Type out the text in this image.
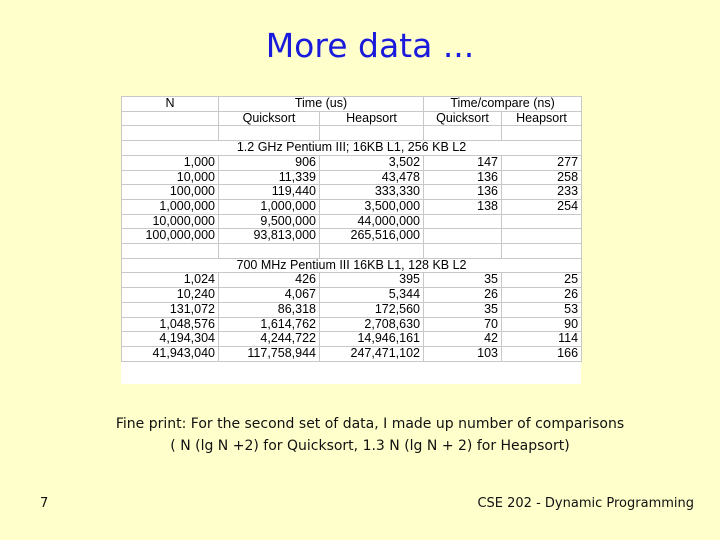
More data ...
N	Time (us)		Time/compare (ns)	
	Quicksort	Heapsort	Quicksort	Heapsort

1.2 GHz Pentium III; 16KB L1, 256 KB L2				
1,000	906	3,502	147	277
10,000	11,339	43,478	136	258
100,000	119,440	333,330	136	233
1,000,000	1,000,000	3,500,000	138	254
10,000,000	9,500,000	44,000,000		
100,000,000	93,813,000	265,516,000		

700 MHz Pentium III 16KB L1, 128 KB L2				
1,024	426	395	35	25
10,240	4,067	5,344	26	26
131,072	86,318	172,560	35	53
1,048,576	1,614,762	2,708,630	70	90
4,194,304	4,244,722	14,946,161	42	114
41,943,040	117,758,944	247,471,102	103	166
Fine print: For the second set of data, I made up number of comparisons
( N (lg N +2) for Quicksort, 1.3 N (lg N + 2) for Heapsort)
7	CSE 202 - Dynamic Programming
